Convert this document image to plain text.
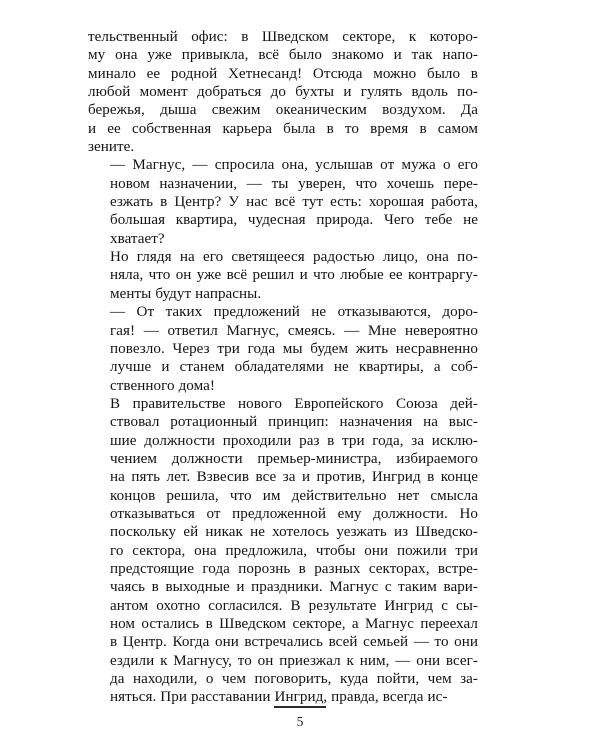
тельственный офис: в Шведском секторе, к которо-
му она уже привыкла, всё было знакомо и так напо-
минало ее родной Хетнесанд! Отсюда можно было в
любой момент добраться до бухты и гулять вдоль по-
бережья, дыша свежим океаническим воздухом. Да
и ее собственная карьера была в то время в самом
зените.

— Магнус, — спросила она, услышав от мужа о его
новом назначении, — ты уверен, что хочешь пере-
езжать в Центр? У нас всё тут есть: хорошая работа,
большая квартира, чудесная природа. Чего тебе не
хватает?

Но глядя на его светящееся радостью лицо, она по-
няла, что он уже всё решил и что любые ее контраргу-
менты будут напрасны.

— От таких предложений не отказываются, доро-
гая! — ответил Магнус, смеясь. — Мне невероятно
повезло. Через три года мы будем жить несравненно
лучше и станем обладателями не квартиры, а соб-
ственного дома!

В правительстве нового Европейского Союза дей-
ствовал ротационный принцип: назначения на выс-
шие должности проходили раз в три года, за исклю-
чением должности премьер-министра, избираемого
на пять лет. Взвесив все за и против, Ингрид в конце
концов решила, что им действительно нет смысла
отказываться от предложенной ему должности. Но
поскольку ей никак не хотелось уезжать из Шведско-
го сектора, она предложила, чтобы они пожили три
предстоящие года порознь в разных секторах, встре-
чаясь в выходные и праздники. Магнус с таким вари-
антом охотно согласился. В результате Ингрид с сы-
ном остались в Шведском секторе, а Магнус переехал
в Центр. Когда они встречались всей семьей — то они
ездили к Магнусу, то он приезжал к ним, — они всег-
да находили, о чем поговорить, куда пойти, чем за-
няться. При расставании Ингрид, правда, всегда ис-

5
